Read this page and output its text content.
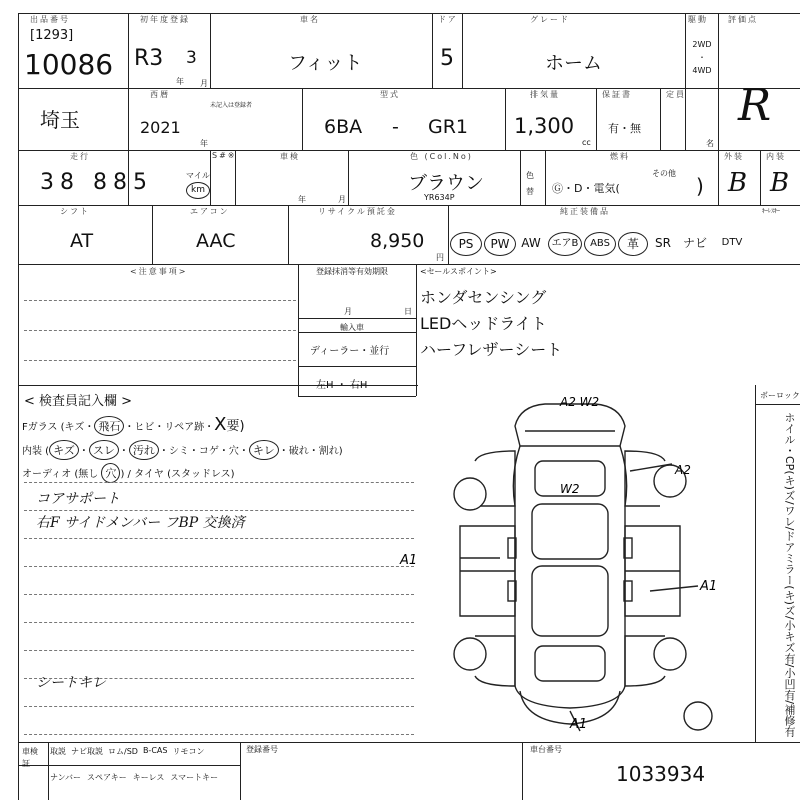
出品番号
[1293]
10086
初年度登録
R3 3
年 月
車名
フィット
ドア
5
グレード
ホーム
駆動
2WD
・
4WD
評価点
R
埼玉
西暦
2021
年
未記入は登録者
型式
6BA - GR1
排気量
1,300
cc
保証書
有・無
定員
名
走行
38 885	マイル
km
S#※	車検
年	月
色 (Col.No)
ブラウン
YR634P
色
替
燃料
Ⓖ・D・電気(
その他
)
外装
B
内装
B
シフト
AT
エアコン
AAC
リサイクル預託金
8,950
円
純正装備品	ｷｰﾚｽｷｰ
PS	PW AW	エアB	ABS	革	SR	ナビ	DTV
<注意事項>	登録抹消等有効期限
月	日
輸入車
ディーラー・並行
左H ・ 右H
<セールスポイント>
ホンダセンシング
LEDヘッドライト
ハーフレザーシート
< 検査員記入欄 >
Fガラス (キズ・ 飛石 ・ヒビ・リペア跡・X要)
内装 ( キズ ・ スレ ・ 汚れ ・シミ・コゲ・穴・ キレ ・破れ・割れ)
オーディオ (無し 穴 ) / タイヤ (スタッドレス)
コアサポート
右F サイドメンバー フBP 交換済
シートキレ
A2 W2
W2
A2
A1
A1
A1
ボーロック
ホイル・CP(キ)ズ/ワレ/ドアミラー(キ)ズ/小キズ有/小凹有/補修有
車検証
取説 ナビ取説 ロム/SD B-CAS リモコン
ナンバー スペアキー キーレス スマートキー
登録番号	車台番号
1033934
